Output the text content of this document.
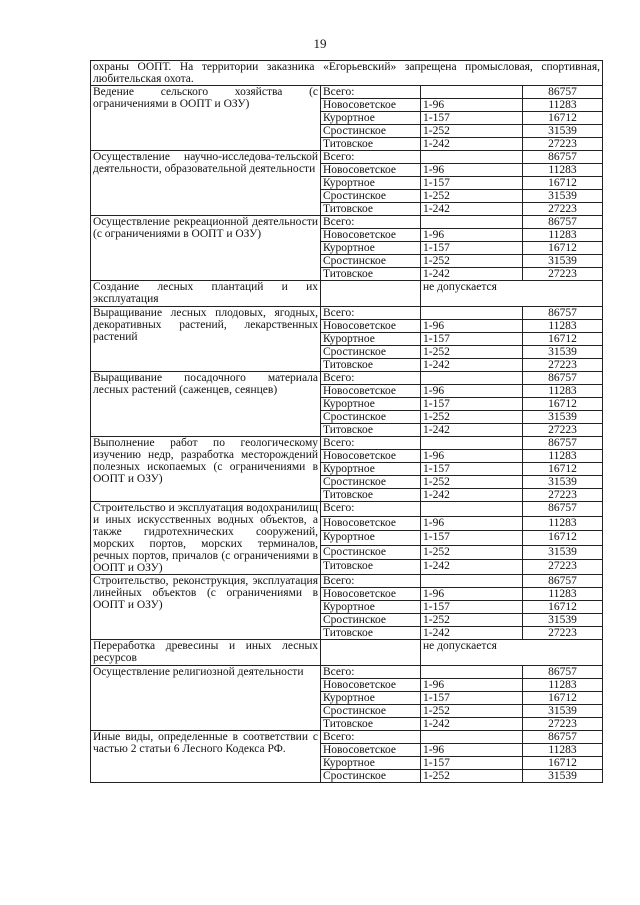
19
охраны ООПТ. На территории заказника «Егорьевский» запрещена промысловая, спортивная, любительская охота.			
Ведение сельского хозяйства (с ограничениями в ООПТ и ОЗУ)	Всего:		86757
	Новосоветское	1-96	11283
	Курортное	1-157	16712
	Сростинское	1-252	31539
	Титовское	1-242	27223
Осуществление научно-исследова-тельской деятельности, образовательной деятельности	Всего:		86757
	Новосоветское	1-96	11283
	Курортное	1-157	16712
	Сростинское	1-252	31539
	Титовское	1-242	27223
Осуществление рекреационной деятельности (с ограничениями в ООПТ и ОЗУ)	Всего:		86757
	Новосоветское	1-96	11283
	Курортное	1-157	16712
	Сростинское	1-252	31539
	Титовское	1-242	27223
Создание лесных плантаций и их эксплуатация		не допускается	
Выращивание лесных плодовых, ягодных, декоративных растений, лекарственных растений	Всего:		86757
	Новосоветское	1-96	11283
	Курортное	1-157	16712
	Сростинское	1-252	31539
	Титовское	1-242	27223
Выращивание посадочного материала лесных растений (саженцев, сеянцев)	Всего:		86757
	Новосоветское	1-96	11283
	Курортное	1-157	16712
	Сростинское	1-252	31539
	Титовское	1-242	27223
Выполнение работ по геологическому изучению недр, разработка месторождений полезных ископаемых (с ограничениями в ООПТ и ОЗУ)	Всего:		86757
	Новосоветское	1-96	11283
	Курортное	1-157	16712
	Сростинское	1-252	31539
	Титовское	1-242	27223
Строительство и эксплуатация водохранилищ и иных искусственных водных объектов, а также гидротехнических сооружений, морских портов, морских терминалов, речных портов, причалов (с ограничениями в ООПТ и ОЗУ)	Всего:		86757
	Новосоветское	1-96	11283
	Курортное	1-157	16712
	Сростинское	1-252	31539
	Титовское	1-242	27223
Строительство, реконструкция, эксплуатация линейных объектов (с ограничениями в ООПТ и ОЗУ)	Всего:		86757
	Новосоветское	1-96	11283
	Курортное	1-157	16712
	Сростинское	1-252	31539
	Титовское	1-242	27223
Переработка древесины и иных лесных ресурсов		не допускается	
Осуществление религиозной деятельности	Всего:		86757
	Новосоветское	1-96	11283
	Курортное	1-157	16712
	Сростинское	1-252	31539
	Титовское	1-242	27223
Иные виды, определенные в соответствии с частью 2 статьи 6 Лесного Кодекса РФ.	Всего:		86757
	Новосоветское	1-96	11283
	Курортное	1-157	16712
	Сростинское	1-252	31539
